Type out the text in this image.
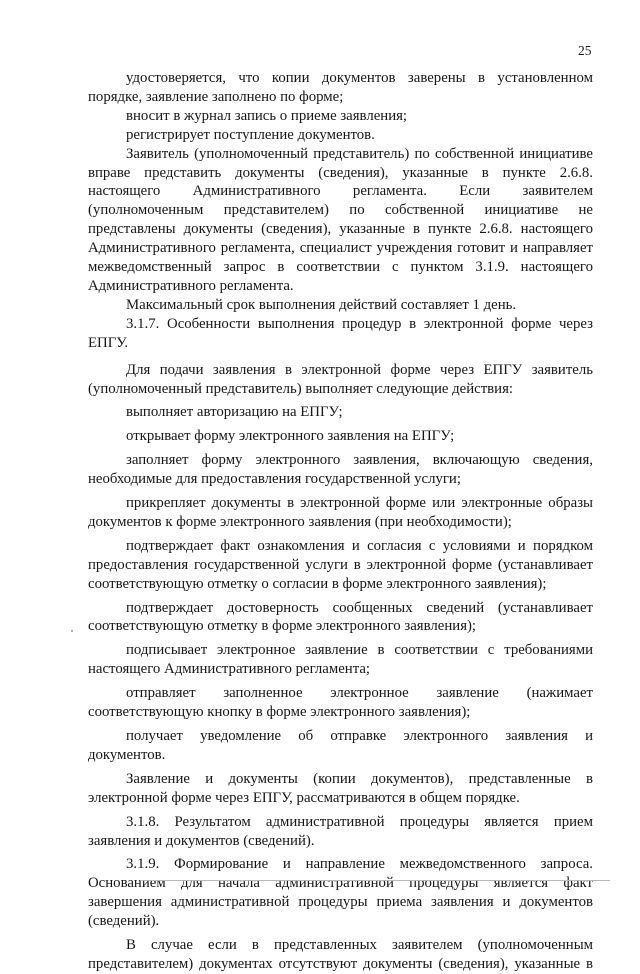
25

удостоверяется, что копии документов заверены в установленном порядке, заявление заполнено по форме;

вносит в журнал запись о приеме заявления;

регистрирует поступление документов.

Заявитель (уполномоченный представитель) по собственной инициативе вправе представить документы (сведения), указанные в пункте 2.6.8. настоящего Административного регламента. Если заявителем (уполномоченным представителем) по собственной инициативе не представлены документы (сведения), указанные в пункте 2.6.8. настоящего Административного регламента, специалист учреждения готовит и направляет межведомственный запрос в соответствии с пунктом 3.1.9. настоящего Административного регламента.

Максимальный срок выполнения действий составляет 1 день.

3.1.7. Особенности выполнения процедур в электронной форме через ЕПГУ.

Для подачи заявления в электронной форме через ЕПГУ заявитель (уполномоченный представитель) выполняет следующие действия:

выполняет авторизацию на ЕПГУ;

открывает форму электронного заявления на ЕПГУ;

заполняет форму электронного заявления, включающую сведения, необходимые для предоставления государственной услуги;

прикрепляет документы в электронной форме или электронные образы документов к форме электронного заявления (при необходимости);

подтверждает факт ознакомления и согласия с условиями и порядком предоставления государственной услуги в электронной форме (устанавливает соответствующую отметку о согласии в форме электронного заявления);

подтверждает достоверность сообщенных сведений (устанавливает соответствующую отметку в форме электронного заявления);

подписывает электронное заявление в соответствии с требованиями настоящего Административного регламента;

отправляет заполненное электронное заявление (нажимает соответствующую кнопку в форме электронного заявления);

получает уведомление об отправке электронного заявления и документов.

Заявление и документы (копии документов), представленные в электронной форме через ЕПГУ, рассматриваются в общем порядке.

3.1.8. Результатом административной процедуры является прием заявления и документов (сведений).

3.1.9. Формирование и направление межведомственного запроса. Основанием для начала административной процедуры является факт завершения административной процедуры приема заявления и документов (сведений).

В случае если в представленных заявителем (уполномоченным представителем) документах отсутствуют документы (сведения), указанные в
